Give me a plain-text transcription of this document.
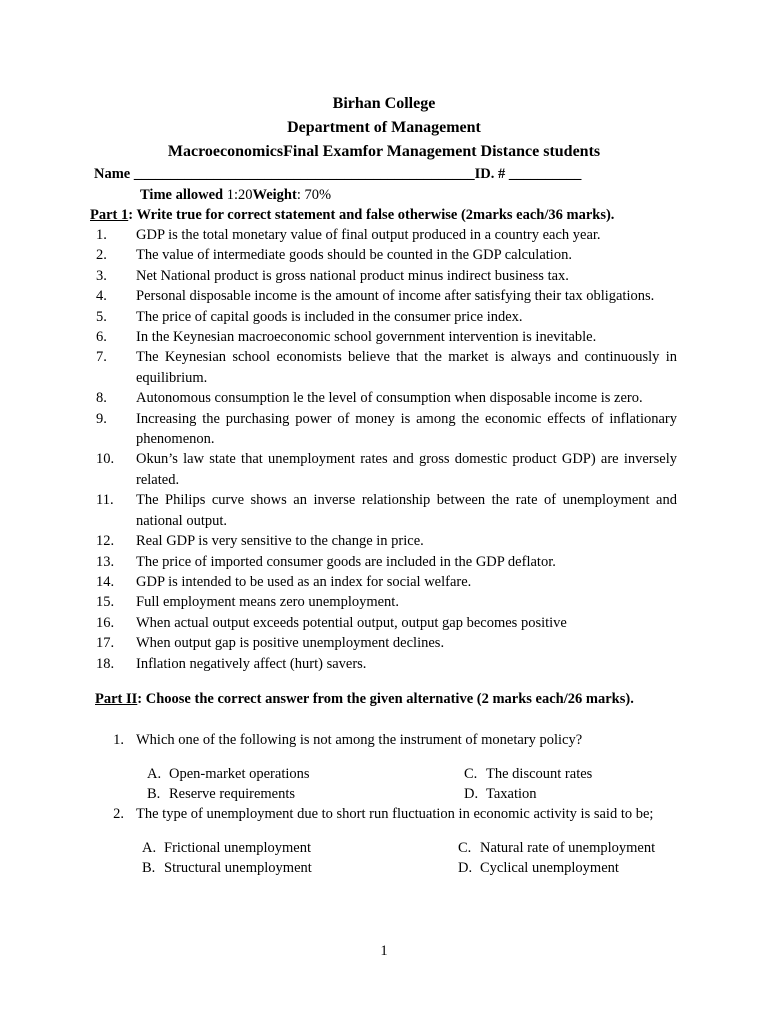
Birhan College

Department of Management

MacroeconomicsFinal Examfor Management Distance students

Name _______________________________________________ID. # __________

Time allowed 1:20Weight: 70%

Part 1: Write true for correct statement and false otherwise (2marks each/36 marks).

1.	GDP is the total monetary value of final output produced in a country each year.
2.	The value of intermediate goods should be counted in the GDP calculation.
3.	Net National product is gross national product minus indirect business tax.
4.	Personal disposable income is the amount of income after satisfying their tax obligations.
5.	The price of capital goods is included in the consumer price index.
6.	In the Keynesian macroeconomic school government intervention is inevitable.
7.	The Keynesian school economists believe that the market is always and continuously in equilibrium.
8.	Autonomous consumption le the level of consumption when disposable income is zero.
9.	Increasing the purchasing power of money is among the economic effects of inflationary phenomenon.
10.	Okun’s law state that unemployment rates and gross domestic product GDP) are inversely related.
11.	The Philips curve shows an inverse relationship between the rate of unemployment and national output.
12.	Real GDP is very sensitive to the change in price.
13.	The price of imported consumer goods are included in the GDP deflator.
14.	GDP is intended to be used as an index for social welfare.
15.	Full employment means zero unemployment.
16.	When actual output exceeds potential output, output gap becomes positive
17.	When output gap is positive unemployment declines.
18.	Inflation negatively affect (hurt) savers.

Part II: Choose the correct answer from the given alternative (2 marks each/26 marks).

1. Which one of the following is not among the instrument of monetary policy?

A. Open-market operations

B. Reserve requirements

C. The discount rates

D. Taxation

2. The type of unemployment due to short run fluctuation in economic activity is said to be;

A. Frictional unemployment

B. Structural unemployment

C. Natural rate of unemployment

D. Cyclical unemployment

1
